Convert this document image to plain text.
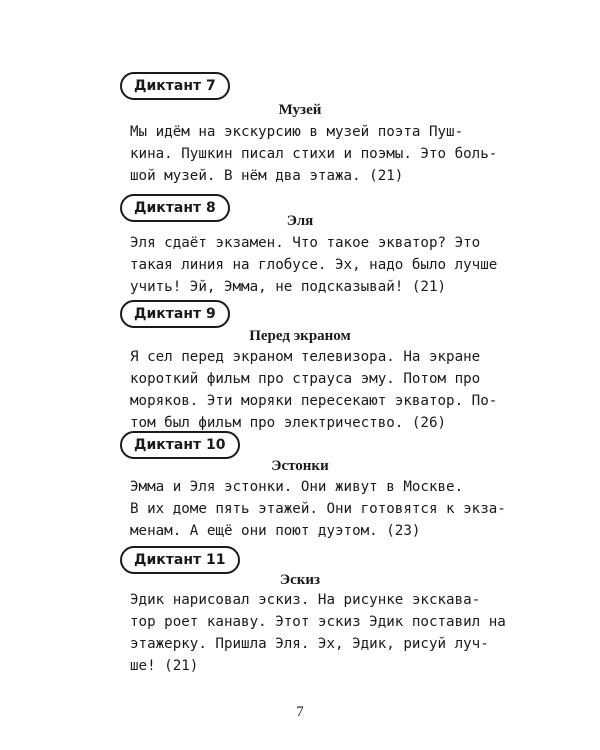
Диктант 7
Музей
Мы идём на экскурсию в музей поэта Пуш-
кина. Пушкин писал стихи и поэмы. Это боль-
шой музей. В нём два этажа. (21)
Диктант 8
Эля
Эля сдаёт экзамен. Что такое экватор? Это
такая линия на глобусе. Эх, надо было лучше
учить! Эй, Эмма, не подсказывай! (21)
Диктант 9
Перед экраном
Я сел перед экраном телевизора. На экране
короткий фильм про страуса эму. Потом про
моряков. Эти моряки пересекают экватор. По-
том был фильм про электричество. (26)
Диктант 10
Эстонки
Эмма и Эля эстонки. Они живут в Москве.
В их доме пять этажей. Они готовятся к экза-
менам. А ещё они поют дуэтом. (23)
Диктант 11
Эскиз
Эдик нарисовал эскиз. На рисунке экскава-
тор роет канаву. Этот эскиз Эдик поставил на
этажерку. Пришла Эля. Эх, Эдик, рисуй луч-
ше! (21)
7
